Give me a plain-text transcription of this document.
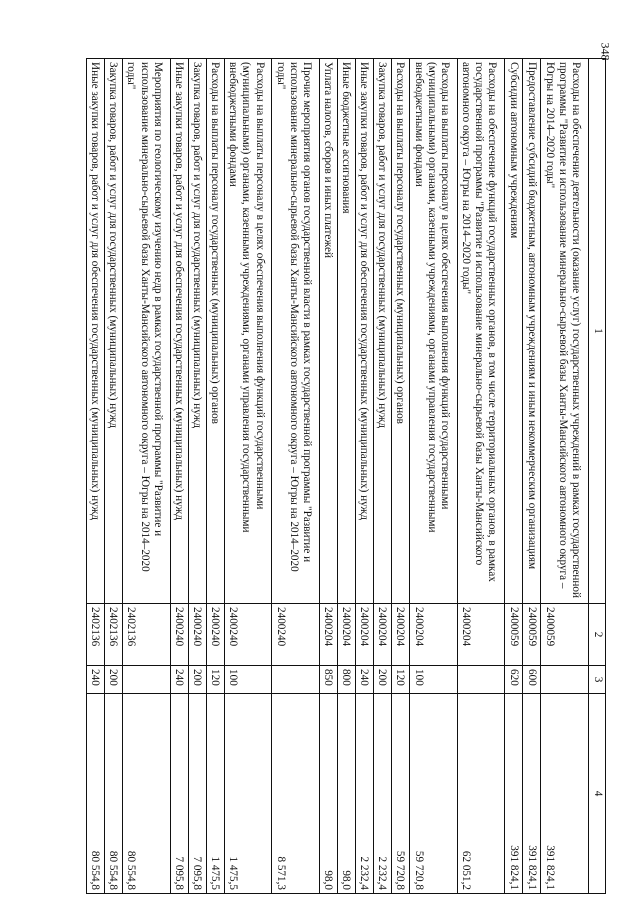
348
1	2	3	4
Расходы на обеспечение деятельности (оказание услуг) государственных учреждений в рамках государственной программы "Развитие и использование минерально-сырьевой базы Ханты-Мансийского автономного округа – Югры на 2014–2020 годы"	2400059		391 824,1
Предоставление субсидий бюджетным, автономным учреждениям и иным некоммерческим организациям	2400059	600	391 824,1
Субсидии автономным учреждениям	2400059	620	391 824,1
Расходы на обеспечение функций государственных органов, в том числе территориальных органов, в рамках государственной программы "Развитие и использование минерально-сырьевой базы Ханты-Мансийского автономного округа – Югры на 2014–2020 годы"	2400204		62 051,2
Расходы на выплаты персоналу в целях обеспечения выполнения функций государственными (муниципальными) органами, казенными учреждениями, органами управления государственными внебюджетными фондами	2400204	100	59 720,8
Расходы на выплаты персоналу государственных (муниципальных) органов	2400204	120	59 720,8
Закупка товаров, работ и услуг для государственных (муниципальных) нужд	2400204	200	2 232,4
Иные закупки товаров, работ и услуг для обеспечения государственных (муниципальных) нужд	2400204	240	2 232,4
Иные бюджетные ассигнования	2400204	800	98,0
Уплата налогов, сборов и иных платежей	2400204	850	98,0
Прочие мероприятия органов государственной власти в рамках государственной программы "Развитие и использование минерально-сырьевой базы Ханты-Мансийского автономного округа – Югры на 2014–2020 годы"	2400240		8 571,3
Расходы на выплаты персоналу в целях обеспечения выполнения функций государственными (муниципальными) органами, казенными учреждениями, органами управления государственными внебюджетными фондами	2400240	100	1 475,5
Расходы на выплаты персоналу государственных (муниципальных) органов	2400240	120	1 475,5
Закупка товаров, работ и услуг для государственных (муниципальных) нужд	2400240	200	7 095,8
Иные закупки товаров, работ и услуг для обеспечения государственных (муниципальных) нужд	2400240	240	7 095,8
Мероприятия по геологическому изучению недр в рамках государственной программы "Развитие и использование минерально-сырьевой базы Ханты-Мансийского автономного округа – Югры на 2014–2020 годы"	2402136		80 554,8
Закупка товаров, работ и услуг для государственных (муниципальных) нужд	2402136	200	80 554,8
Иные закупки товаров, работ и услуг для обеспечения государственных (муниципальных) нужд	2402136	240	80 554,8
